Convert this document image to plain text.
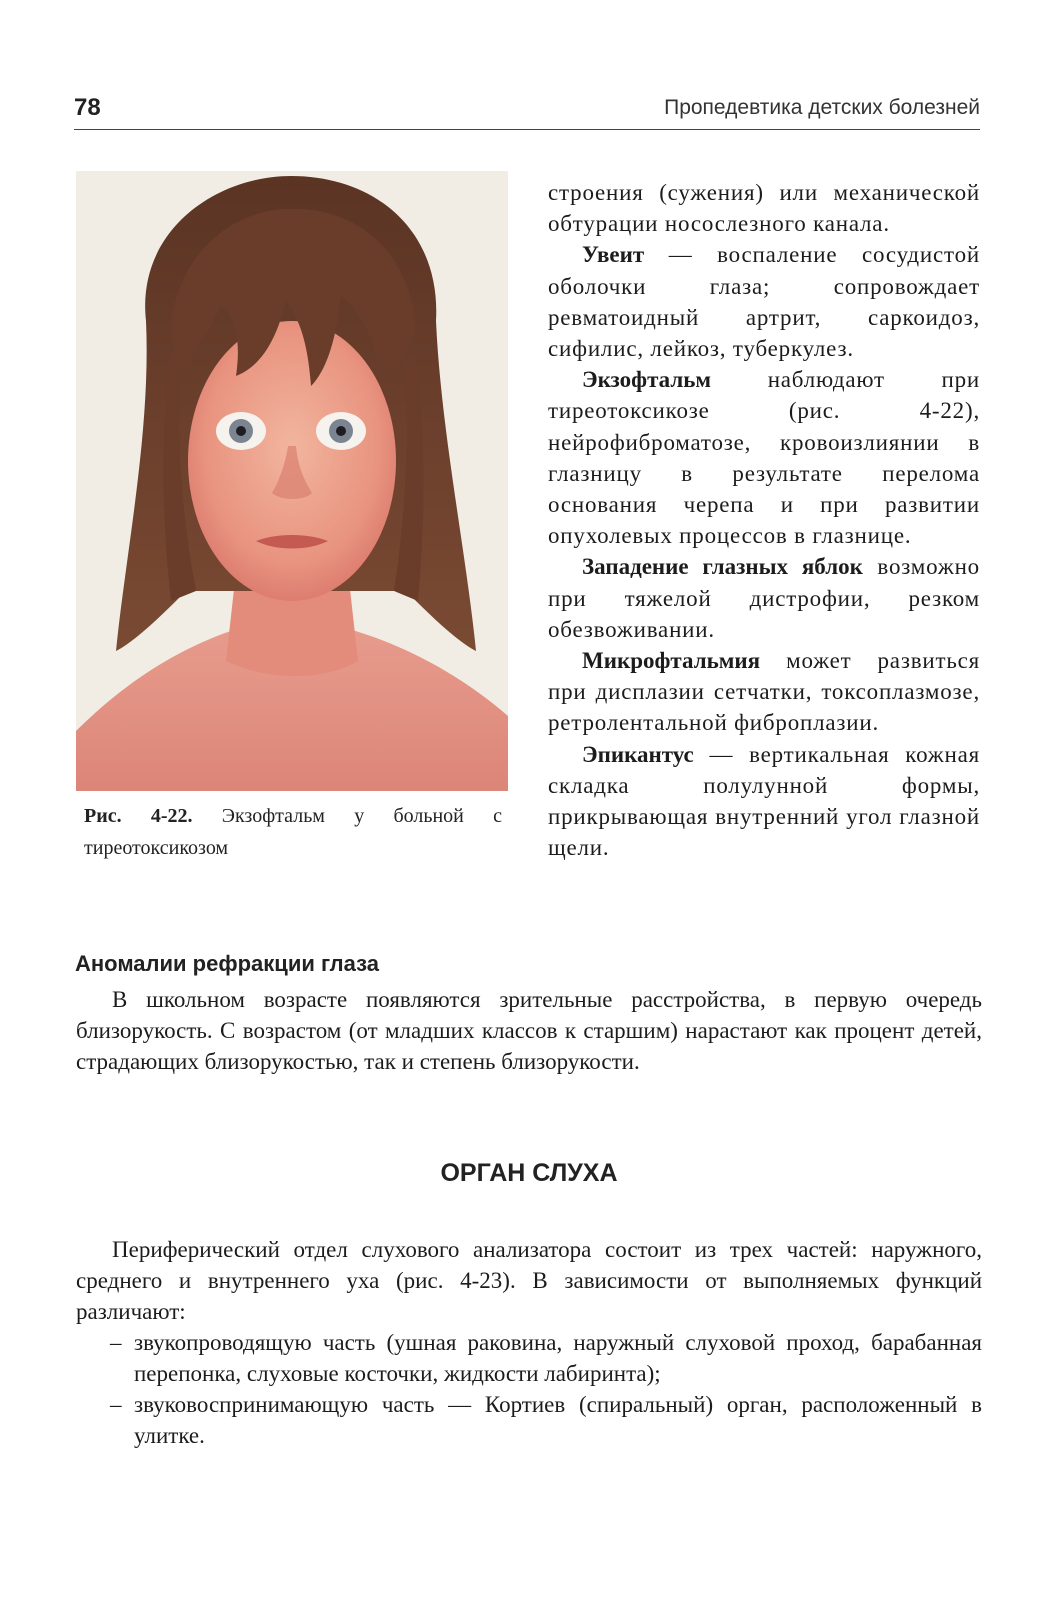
78	Пропедевтика детских болезней
Рис. 4-22. Экзофтальм у больной с тиреотоксикозом

строения (сужения) или механической обтурации носослезного канала.

Увеит — воспаление сосудистой оболочки глаза; сопровождает ревматоидный артрит, саркоидоз, сифилис, лейкоз, туберкулез.

Экзофтальм наблюдают при тиреотоксикозе (рис. 4-22), нейрофиброматозе, кровоизлиянии в глазницу в результате перелома основания черепа и при развитии опухолевых процессов в глазнице.

Западение глазных яблок возможно при тяжелой дистрофии, резком обезвоживании.

Микрофтальмия может развиться при дисплазии сетчатки, токсоплазмозе, ретролентальной фиброплазии.

Эпикантус — вертикальная кожная складка полулунной формы, прикрывающая внутренний угол глазной щели.

Аномалии рефракции глаза

В школьном возрасте появляются зрительные расстройства, в первую очередь близорукость. С возрастом (от младших классов к старшим) нарастают как процент детей, страдающих близорукостью, так и степень близорукости.

ОРГАН СЛУХА

Периферический отдел слухового анализатора состоит из трех частей: наружного, среднего и внутреннего уха (рис. 4-23). В зависимости от выполняемых функций различают:

– звукопроводящую часть (ушная раковина, наружный слуховой проход, барабанная перепонка, слуховые косточки, жидкости лабиринта);
– звуковоспринимающую часть — Кортиев (спиральный) орган, расположенный в улитке.
